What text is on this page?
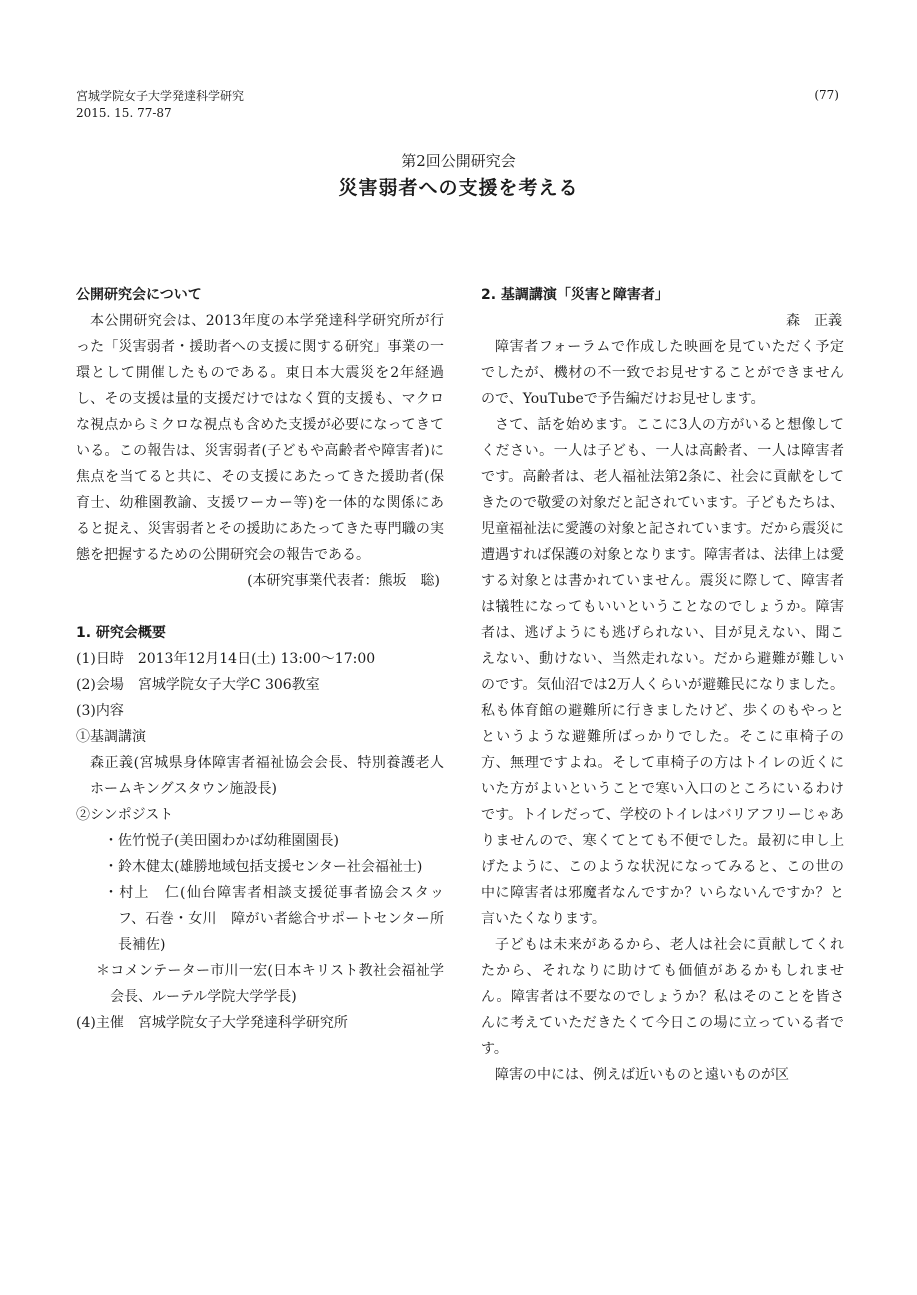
宮城学院女子大学発達科学研究
2015. 15. 77-87
(77)
第2回公開研究会
災害弱者への支援を考える
公開研究会について

本公開研究会は、2013年度の本学発達科学研究所が行った「災害弱者・援助者への支援に関する研究」事業の一環として開催したものである。東日本大震災を2年経過し、その支援は量的支援だけではなく質的支援も、マクロな視点からミクロな視点も含めた支援が必要になってきている。この報告は、災害弱者(子どもや高齢者や障害者)に焦点を当てると共に、その支援にあたってきた援助者(保育士、幼稚園教諭、支援ワーカー等)を一体的な関係にあると捉え、災害弱者とその援助にあたってきた専門職の実態を把握するための公開研究会の報告である。

(本研究事業代表者：熊坂　聡)
1. 研究会概要
(1)日時　2013年12月14日(土) 13:00～17:00
(2)会場　宮城学院女子大学C 306教室
(3)内容
①基調講演
森正義(宮城県身体障害者福祉協会会長、特別養護老人ホームキングスタウン施設長)
②シンポジスト
・佐竹悦子(美田園わかば幼稚園園長)
・鈴木健太(雄勝地域包括支援センター社会福祉士)
・村上　仁(仙台障害者相談支援従事者協会スタッフ、石巻・女川　障がい者総合サポートセンター所長補佐)
＊コメンテーター市川一宏(日本キリスト教社会福祉学会長、ルーテル学院大学学長)
(4)主催　宮城学院女子大学発達科学研究所
2. 基調講演「災害と障害者」
森　正義

障害者フォーラムで作成した映画を見ていただく予定でしたが、機材の不一致でお見せすることができませんので、YouTubeで予告編だけお見せします。

さて、話を始めます。ここに3人の方がいると想像してください。一人は子ども、一人は高齢者、一人は障害者です。高齢者は、老人福祉法第2条に、社会に貢献をしてきたので敬愛の対象だと記されています。子どもたちは、児童福祉法に愛護の対象と記されています。だから震災に遭遇すれば保護の対象となります。障害者は、法律上は愛する対象とは書かれていません。震災に際して、障害者は犠牲になってもいいということなのでしょうか。障害者は、逃げようにも逃げられない、目が見えない、聞こえない、動けない、当然走れない。だから避難が難しいのです。気仙沼では2万人くらいが避難民になりました。私も体育館の避難所に行きましたけど、歩くのもやっとというような避難所ばっかりでした。そこに車椅子の方、無理ですよね。そして車椅子の方はトイレの近くにいた方がよいということで寒い入口のところにいるわけです。トイレだって、学校のトイレはバリアフリーじゃありませんので、寒くてとても不便でした。最初に申し上げたように、このような状況になってみると、この世の中に障害者は邪魔者なんですか？いらないんですか？と言いたくなります。

子どもは未来があるから、老人は社会に貢献してくれたから、それなりに助けても価値があるかもしれません。障害者は不要なのでしょうか？私はそのことを皆さんに考えていただきたくて今日この場に立っている者です。

障害の中には、例えば近いものと遠いものが区
